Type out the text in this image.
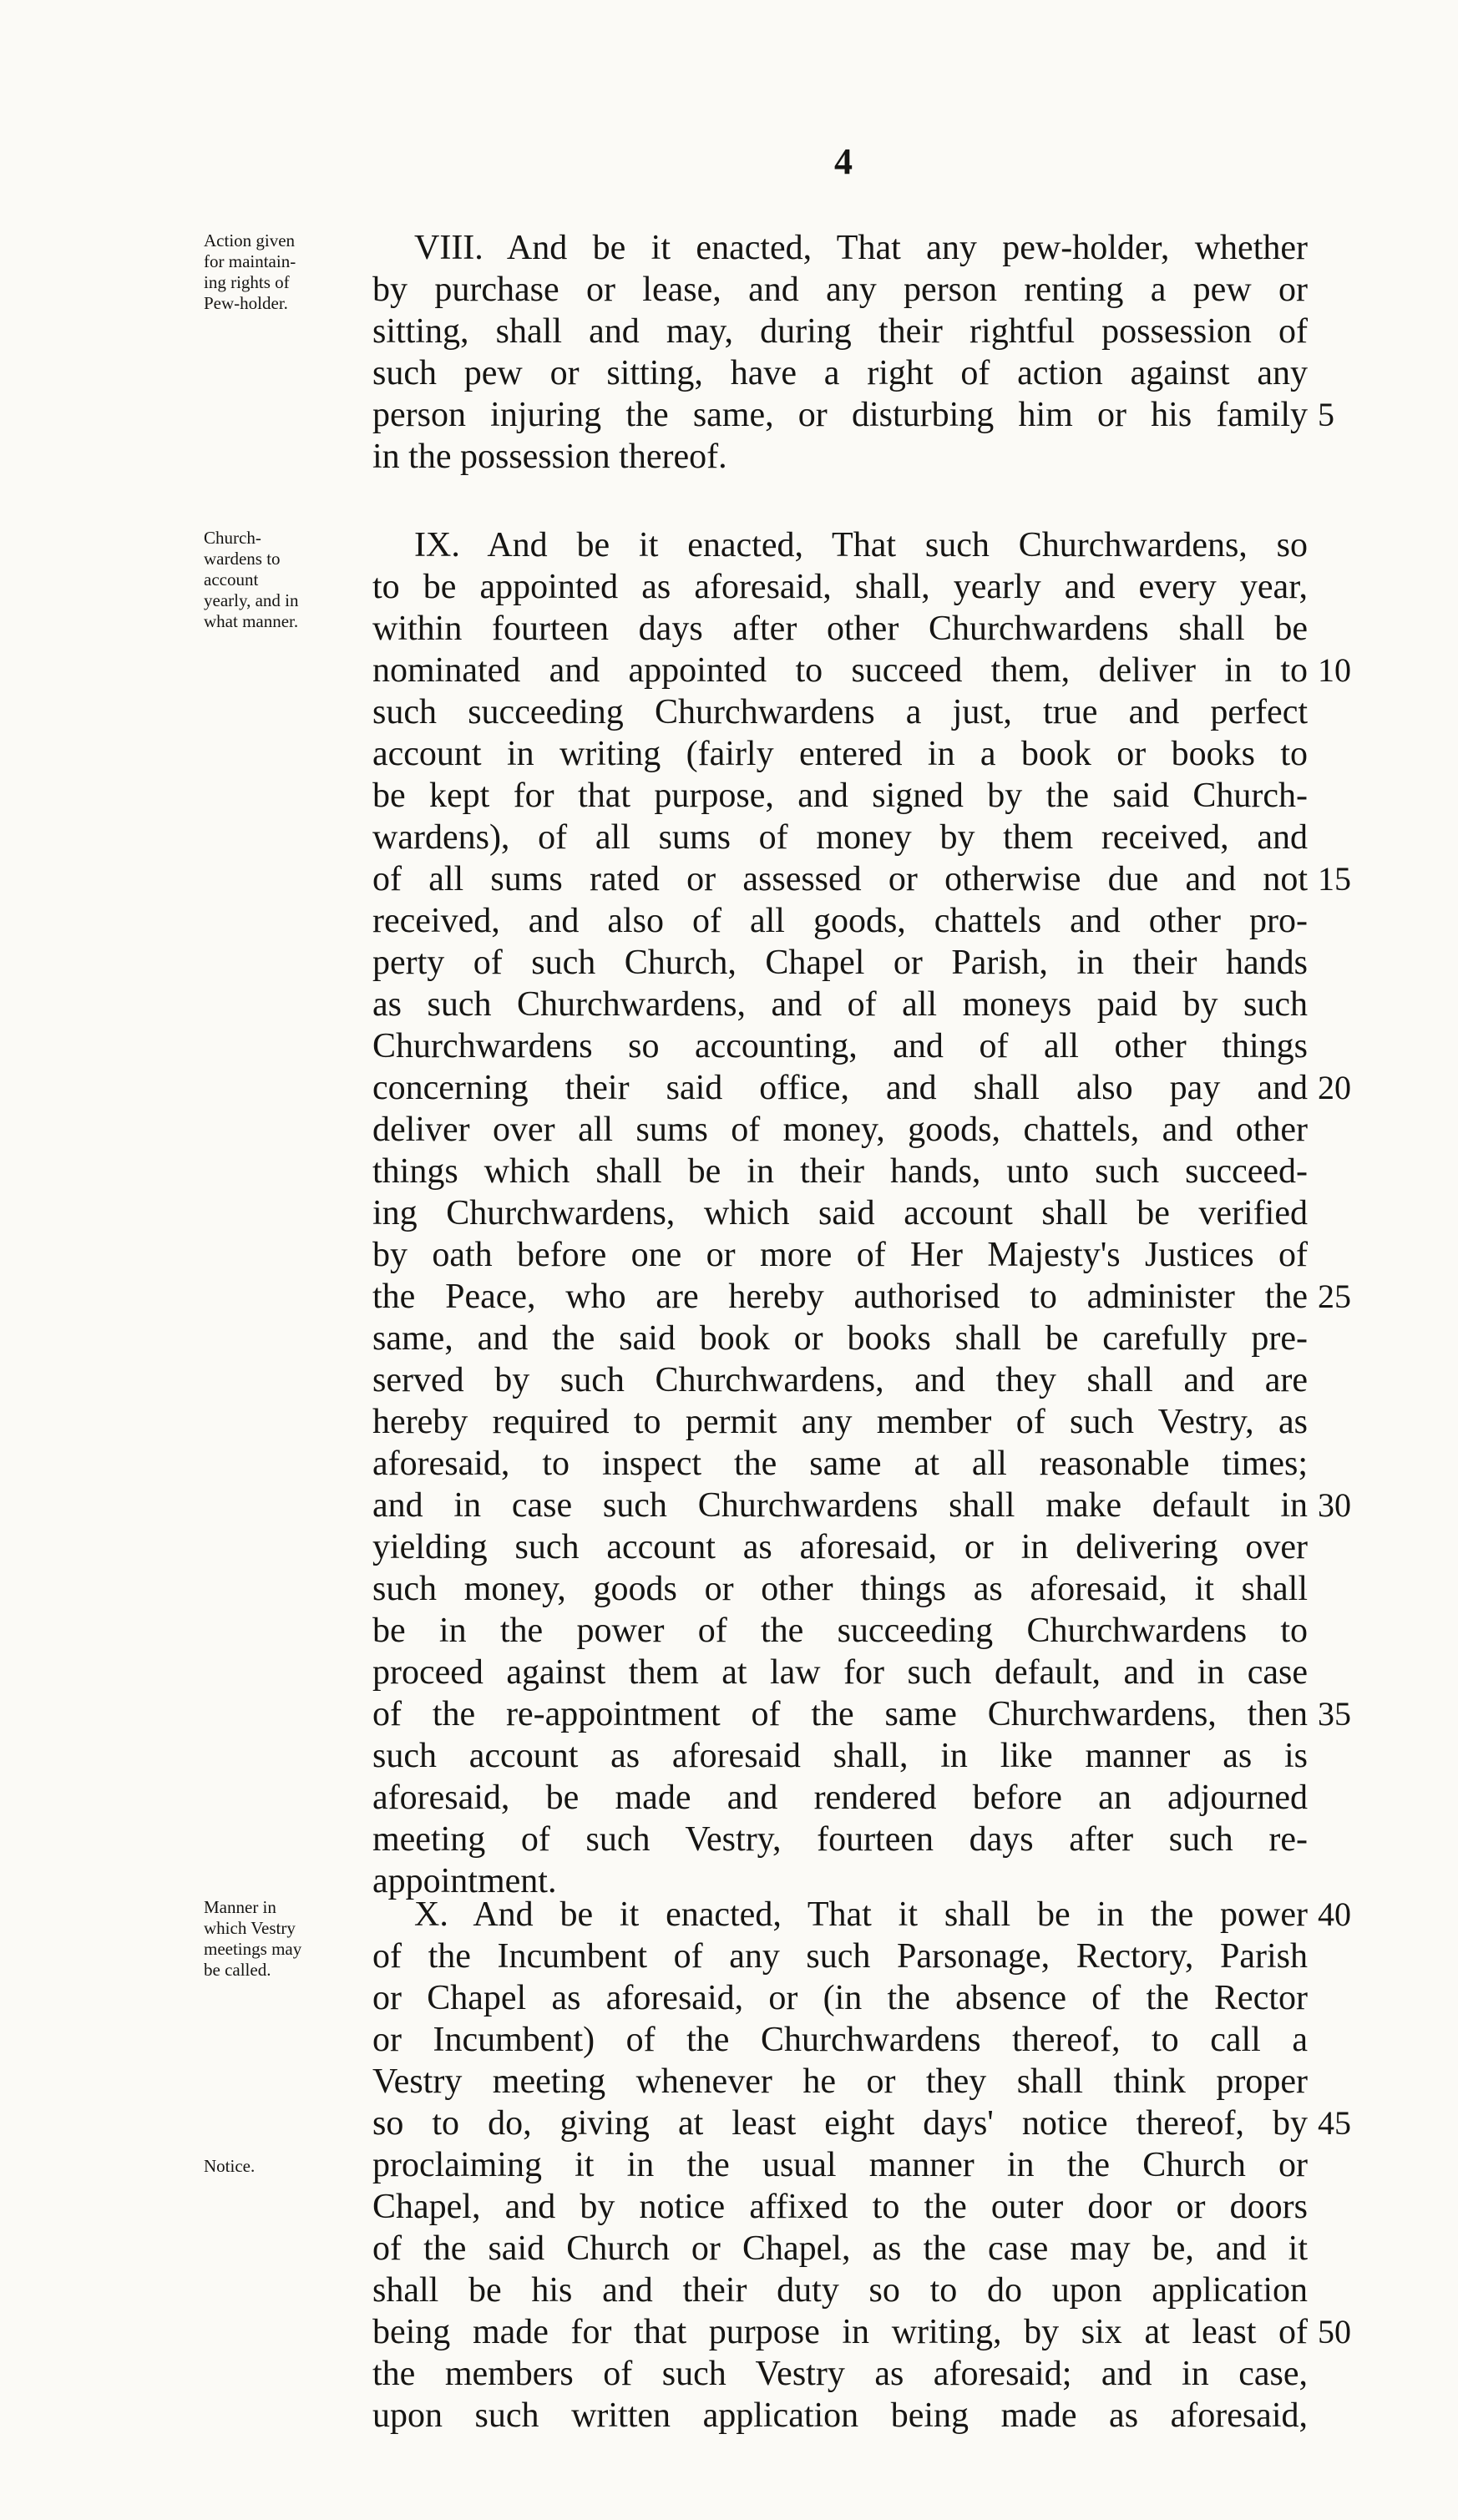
4
Action given
for maintain-
ing rights of
Pew-holder.
VIII. And be it enacted, That any pew-holder, whether
by purchase or lease, and any person renting a pew or
sitting, shall and may, during their rightful possession of
such pew or sitting, have a right of action against any
person injuring the same, or disturbing him or his family 5
in the possession thereof.
Church-
wardens to
account
yearly, and in
what manner.
IX. And be it enacted, That such Churchwardens, so
to be appointed as aforesaid, shall, yearly and every year,
within fourteen days after other Churchwardens shall be
nominated and appointed to succeed them, deliver in to 10
such succeeding Churchwardens a just, true and perfect
account in writing (fairly entered in a book or books to
be kept for that purpose, and signed by the said Church-
wardens), of all sums of money by them received, and
of all sums rated or assessed or otherwise due and not 15
received, and also of all goods, chattels and other pro-
perty of such Church, Chapel or Parish, in their hands
as such Churchwardens, and of all moneys paid by such
Churchwardens so accounting, and of all other things
concerning their said office, and shall also pay and 20
deliver over all sums of money, goods, chattels, and other
things which shall be in their hands, unto such succeed-
ing Churchwardens, which said account shall be verified
by oath before one or more of Her Majesty's Justices of
the Peace, who are hereby authorised to administer the 25
same, and the said book or books shall be carefully pre-
served by such Churchwardens, and they shall and are
hereby required to permit any member of such Vestry, as
aforesaid, to inspect the same at all reasonable times;
and in case such Churchwardens shall make default in 30
yielding such account as aforesaid, or in delivering over
such money, goods or other things as aforesaid, it shall
be in the power of the succeeding Churchwardens to
proceed against them at law for such default, and in case
of the re-appointment of the same Churchwardens, then 35
such account as aforesaid shall, in like manner as is
aforesaid, be made and rendered before an adjourned
meeting of such Vestry, fourteen days after such re-
appointment.
Manner in
which Vestry
meetings may
be called.
X. And be it enacted, That it shall be in the power 40
of the Incumbent of any such Parsonage, Rectory, Parish
or Chapel as aforesaid, or (in the absence of the Rector
or Incumbent) of the Churchwardens thereof, to call a
Vestry meeting whenever he or they shall think proper
so to do, giving at least eight days' notice thereof, by 45
proclaiming it in the usual manner in the Church or
Chapel, and by notice affixed to the outer door or doors
of the said Church or Chapel, as the case may be, and it
shall be his and their duty so to do upon application
being made for that purpose in writing, by six at least of 50
the members of such Vestry as aforesaid; and in case,
upon such written application being made as aforesaid,
Notice.
